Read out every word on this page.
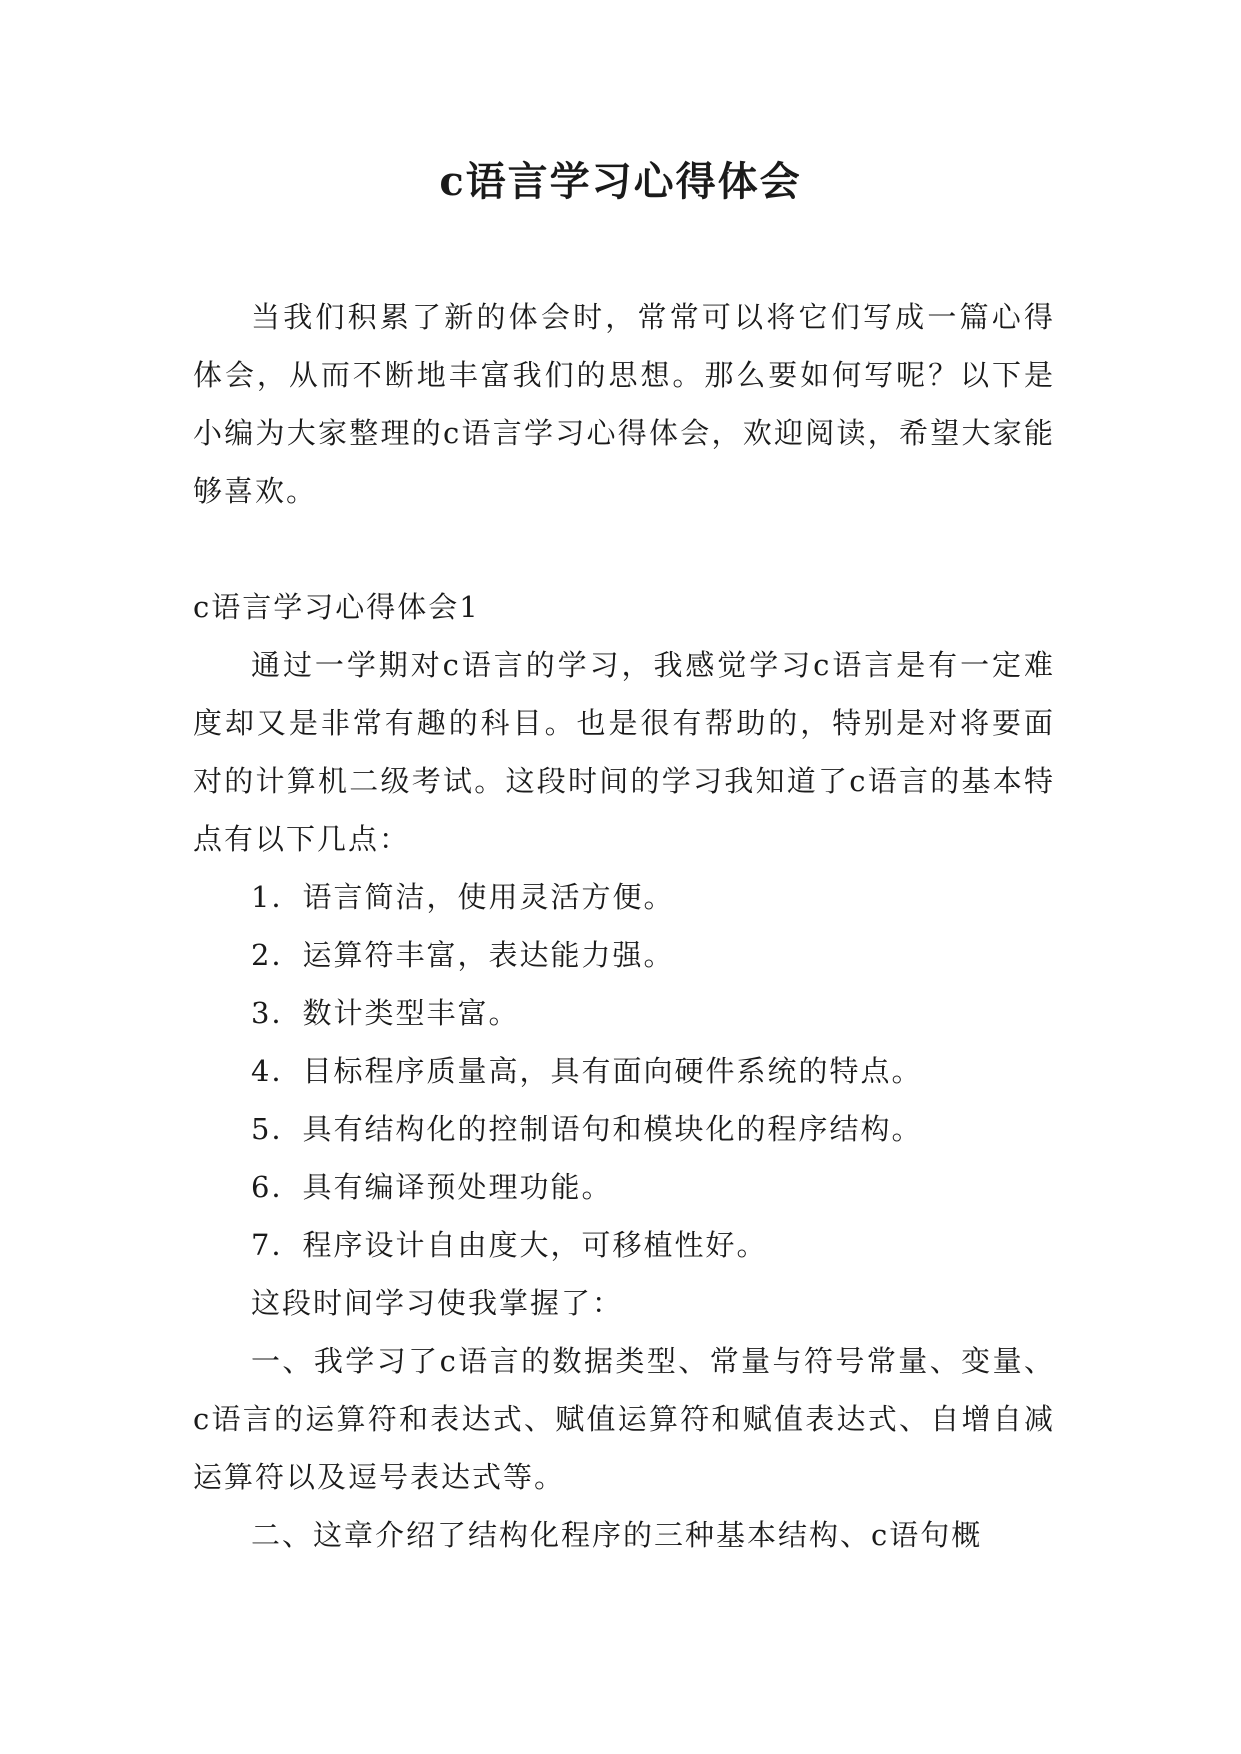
c语言学习心得体会

当我们积累了新的体会时，常常可以将它们写成一篇心得体会，从而不断地丰富我们的思想。那么要如何写呢？以下是小编为大家整理的c语言学习心得体会，欢迎阅读，希望大家能够喜欢。

c语言学习心得体会1

通过一学期对c语言的学习，我感觉学习c语言是有一定难度却又是非常有趣的科目。也是很有帮助的，特别是对将要面对的计算机二级考试。这段时间的学习我知道了c语言的基本特点有以下几点：

1．语言简洁，使用灵活方便。

2．运算符丰富，表达能力强。

3．数计类型丰富。

4．目标程序质量高，具有面向硬件系统的特点。

5．具有结构化的控制语句和模块化的程序结构。

6．具有编译预处理功能。

7．程序设计自由度大，可移植性好。

这段时间学习使我掌握了：

一、我学习了c语言的数据类型、常量与符号常量、变量、c语言的运算符和表达式、赋值运算符和赋值表达式、自增自减运算符以及逗号表达式等。

二、这章介绍了结构化程序的三种基本结构、c语句概
